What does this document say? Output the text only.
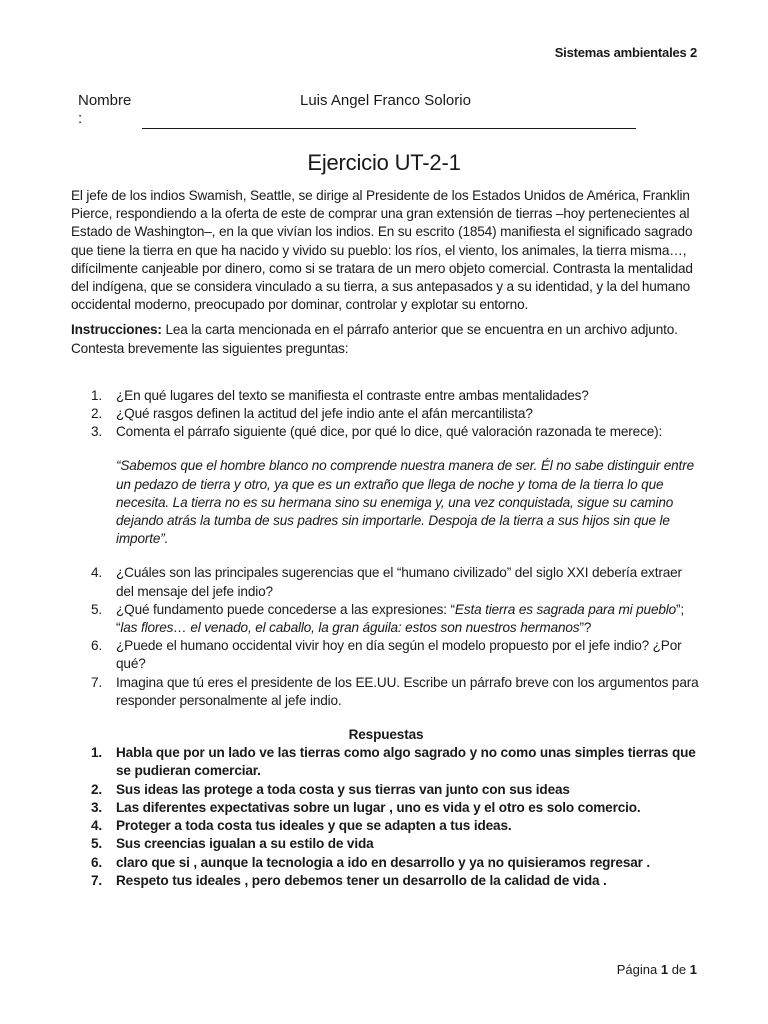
Sistemas ambientales 2
Nombre
:
Luis Angel Franco Solorio
Ejercicio UT-2-1

El jefe de los indios Swamish, Seattle, se dirige al Presidente de los Estados Unidos de América, Franklin Pierce, respondiendo a la oferta de este de comprar una gran extensión de tierras –hoy pertenecientes al Estado de Washington–, en la que vivían los indios. En su escrito (1854) manifiesta el significado sagrado que tiene la tierra en que ha nacido y vivido su pueblo: los ríos, el viento, los animales, la tierra misma…, difícilmente canjeable por dinero, como si se tratara de un mero objeto comercial. Contrasta la mentalidad del indígena, que se considera vinculado a su tierra, a sus antepasados y a su identidad, y la del humano occidental moderno, preocupado por dominar, controlar y explotar su entorno.

Instrucciones: Lea la carta mencionada en el párrafo anterior que se encuentra en un archivo adjunto. Contesta brevemente las siguientes preguntas:

1. ¿En qué lugares del texto se manifiesta el contraste entre ambas mentalidades?
2. ¿Qué rasgos definen la actitud del jefe indio ante el afán mercantilista?
3. Comenta el párrafo siguiente (qué dice, por qué lo dice, qué valoración razonada te merece):

“Sabemos que el hombre blanco no comprende nuestra manera de ser. Él no sabe distinguir entre un pedazo de tierra y otro, ya que es un extraño que llega de noche y toma de la tierra lo que necesita. La tierra no es su hermana sino su enemiga y, una vez conquistada, sigue su camino dejando atrás la tumba de sus padres sin importarle. Despoja de la tierra a sus hijos sin que le importe”.

4. ¿Cuáles son las principales sugerencias que el “humano civilizado” del siglo XXI debería extraer del mensaje del jefe indio?
5. ¿Qué fundamento puede concederse a las expresiones: “Esta tierra es sagrada para mi pueblo”; “las flores… el venado, el caballo, la gran águila: estos son nuestros hermanos”?
6. ¿Puede el humano occidental vivir hoy en día según el modelo propuesto por el jefe indio? ¿Por qué?
7. Imagina que tú eres el presidente de los EE.UU. Escribe un párrafo breve con los argumentos para responder personalmente al jefe indio.

Respuestas

1. Habla que por un lado ve las tierras como algo sagrado y no como unas simples tierras que se pudieran comerciar.
2. Sus ideas las protege a toda costa y sus tierras van junto con sus ideas
3. Las diferentes expectativas sobre un lugar , uno es vida y el otro es solo comercio.
4. Proteger a toda costa tus ideales y que se adapten a tus ideas.
5. Sus creencias igualan a su estilo de vida
6. claro que si , aunque la tecnologia a ido en desarrollo y ya no quisieramos regresar .
7. Respeto tus ideales , pero debemos tener un desarrollo de la calidad de vida .
Página 1 de 1
